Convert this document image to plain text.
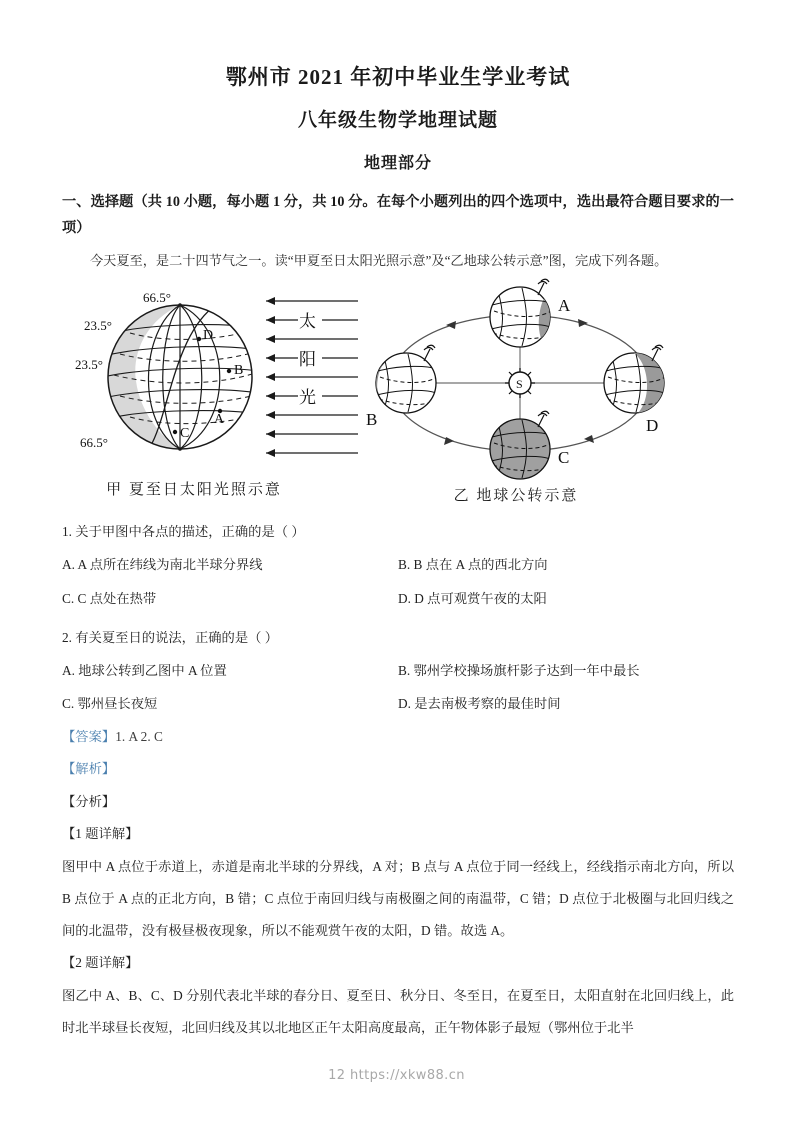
鄂州市 2021 年初中毕业生学业考试
八年级生物学地理试题
地理部分
一、选择题（共 10 小题，每小题 1 分，共 10 分。在每个小题列出的四个选项中，选出最符合题目要求的一项）
今天夏至，是二十四节气之一。读“甲夏至日太阳光照示意”及“乙地球公转示意”图，完成下列各题。
66.5°
23.5°
23.5°
66.5°
D
B
A
C
太
阳
光
甲 夏至日太阳光照示意
S
A
B
C
D
乙 地球公转示意
1. 关于甲图中各点的描述，正确的是（ ）
A. A 点所在纬线为南北半球分界线	B. B 点在 A 点的西北方向
C. C 点处在热带	D. D 点可观赏午夜的太阳
2. 有关夏至日的说法，正确的是（ ）
A. 地球公转到乙图中 A 位置	B. 鄂州学校操场旗杆影子达到一年中最长
C. 鄂州昼长夜短	D. 是去南极考察的最佳时间
【答案】1. A 2. C
【解析】
【分析】
【1 题详解】
图甲中 A 点位于赤道上，赤道是南北半球的分界线，A 对；B 点与 A 点位于同一经线上，经线指示南北方向，所以 B 点位于 A 点的正北方向，B 错；C 点位于南回归线与南极圈之间的南温带，C 错；D 点位于北极圈与北回归线之间的北温带，没有极昼极夜现象，所以不能观赏午夜的太阳，D 错。故选 A。
【2 题详解】
图乙中 A、B、C、D 分别代表北半球的春分日、夏至日、秋分日、冬至日，在夏至日，太阳直射在北回归线上，此时北半球昼长夜短，北回归线及其以北地区正午太阳高度最高，正午物体影子最短（鄂州位于北半
12 https://xkw88.cn
